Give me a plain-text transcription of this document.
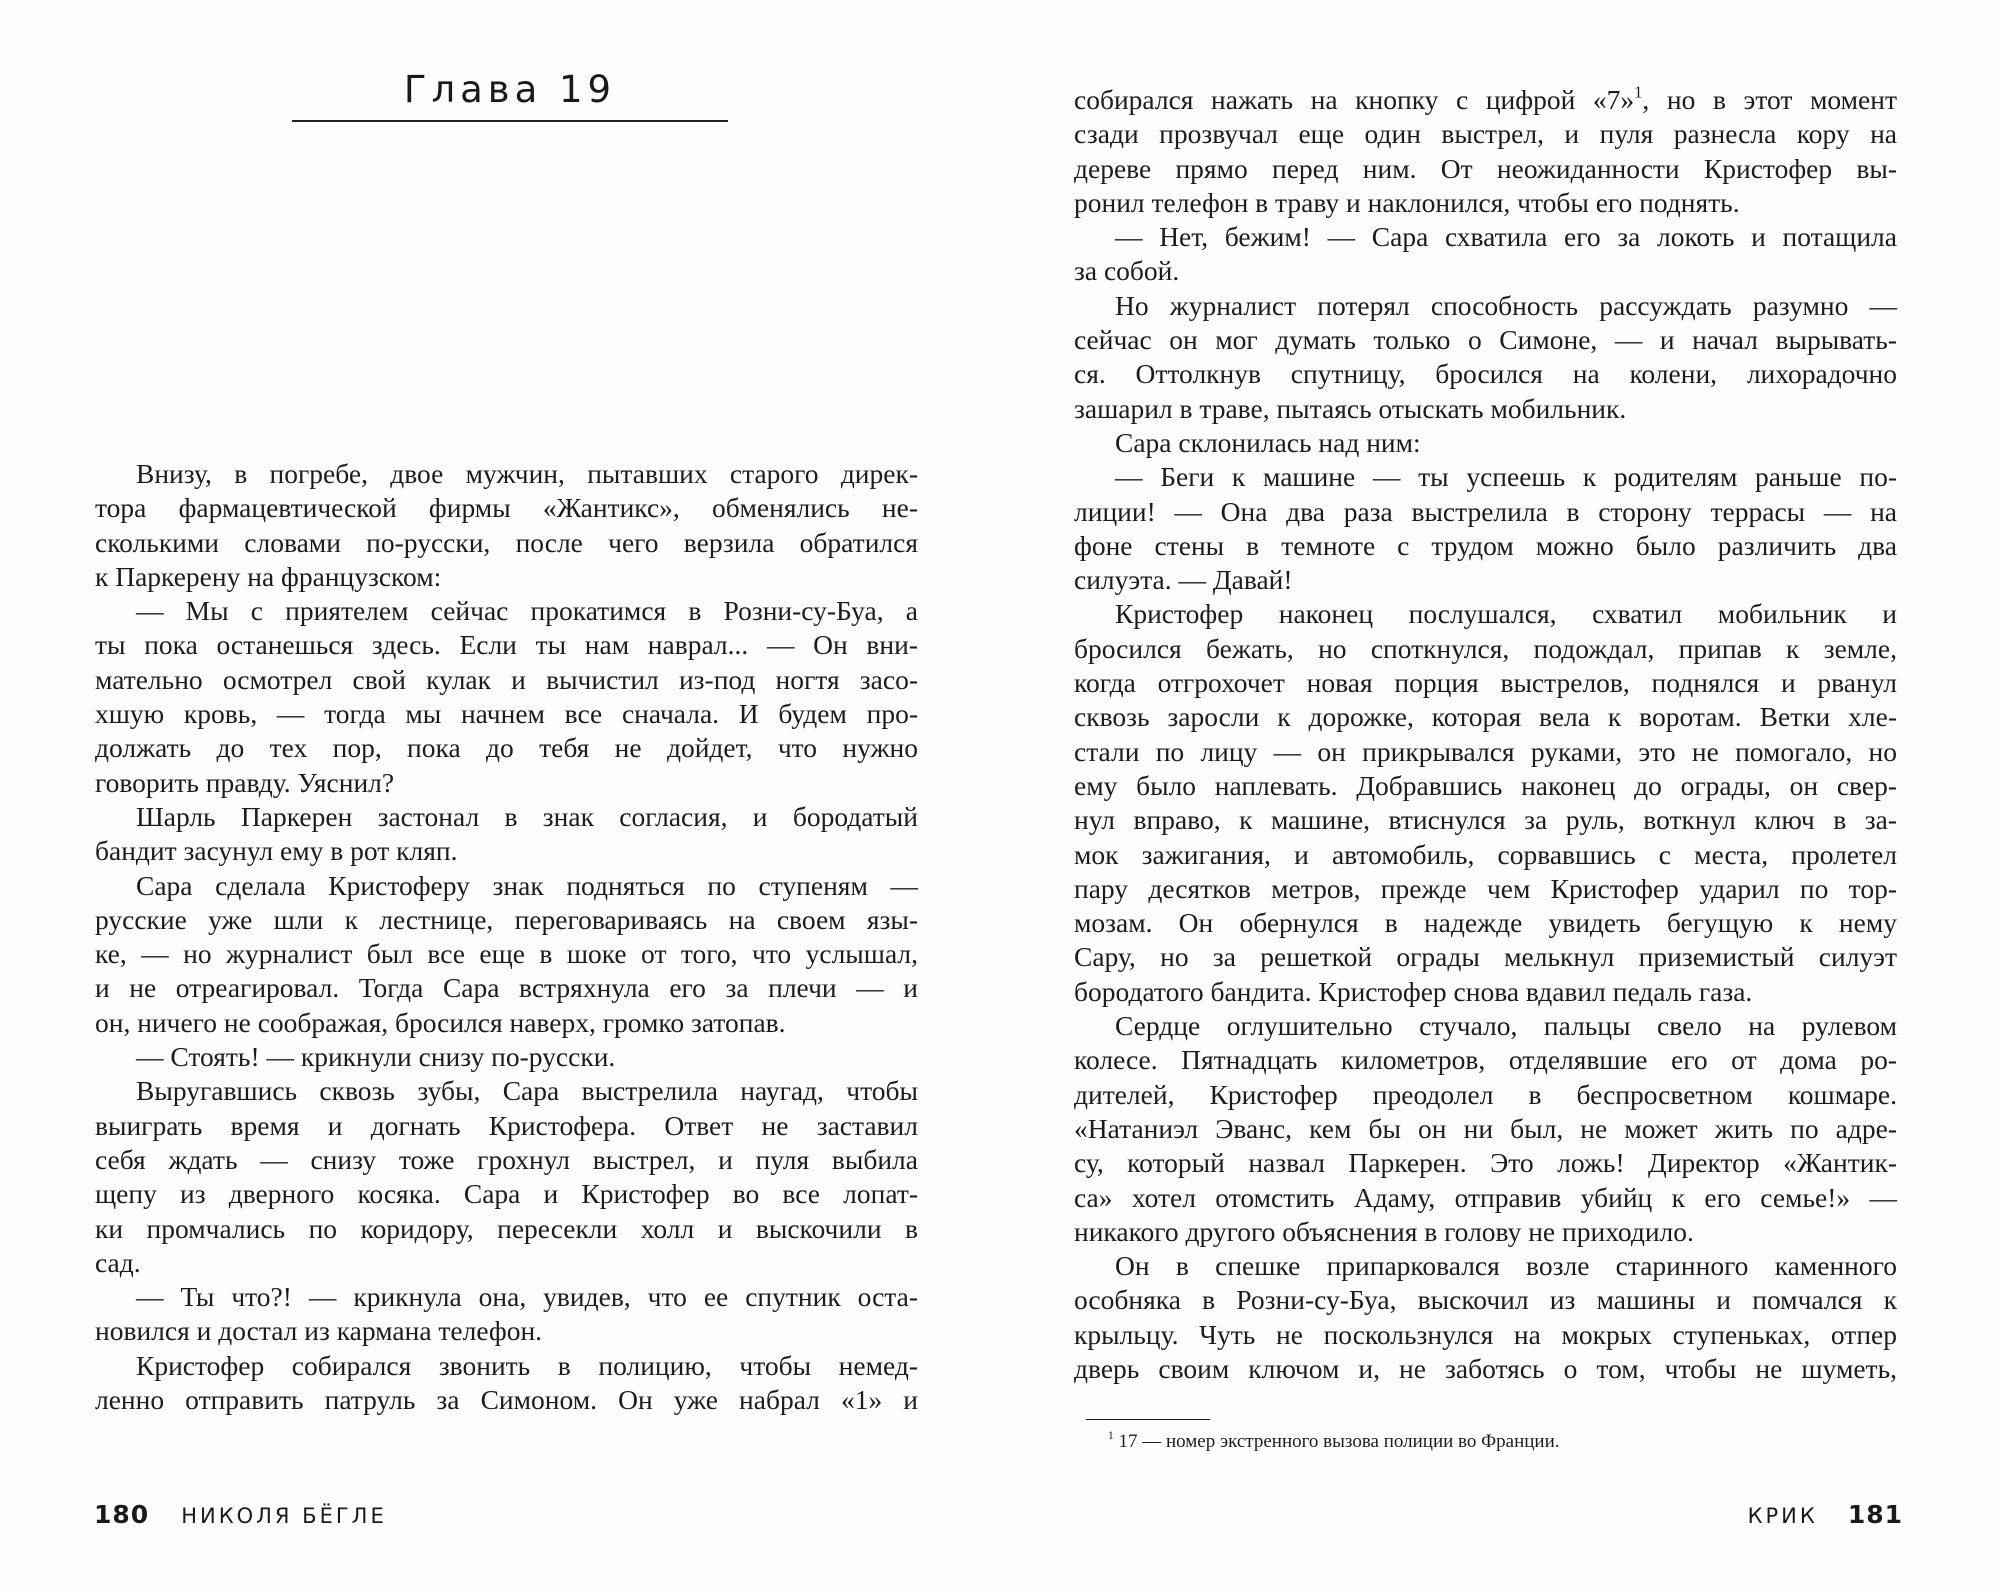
Глава 19
Внизу, в погребе, двое мужчин, пытавших старого дирек-
тора фармацевтической фирмы «Жантикс», обменялись не-
сколькими словами по-русски, после чего верзила обратился
к Паркерену на французском:
— Мы с приятелем сейчас прокатимся в Розни-су-Буа, а
ты пока останешься здесь. Если ты нам наврал... — Он вни-
мательно осмотрел свой кулак и вычистил из-под ногтя засо-
хшую кровь, — тогда мы начнем все сначала. И будем про-
должать до тех пор, пока до тебя не дойдет, что нужно
говорить правду. Уяснил?
Шарль Паркерен застонал в знак согласия, и бородатый
бандит засунул ему в рот кляп.
Сара сделала Кристоферу знак подняться по ступеням —
русские уже шли к лестнице, переговариваясь на своем язы-
ке, — но журналист был все еще в шоке от того, что услышал,
и не отреагировал. Тогда Сара встряхнула его за плечи — и
он, ничего не соображая, бросился наверх, громко затопав.
— Стоять! — крикнули снизу по-русски.
Выругавшись сквозь зубы, Сара выстрелила наугад, чтобы
выиграть время и догнать Кристофера. Ответ не заставил
себя ждать — снизу тоже грохнул выстрел, и пуля выбила
щепу из дверного косяка. Сара и Кристофер во все лопат-
ки промчались по коридору, пересекли холл и выскочили в
сад.
— Ты что?! — крикнула она, увидев, что ее спутник оста-
новился и достал из кармана телефон.
Кристофер собирался звонить в полицию, чтобы немед-
ленно отправить патруль за Симоном. Он уже набрал «1» и
180 НИКОЛЯ БЁГЛЕ
собирался нажать на кнопку с цифрой «7»$^1$, но в этот момент
сзади прозвучал еще один выстрел, и пуля разнесла кору на
дереве прямо перед ним. От неожиданности Кристофер вы-
ронил телефон в траву и наклонился, чтобы его поднять.
— Нет, бежим! — Сара схватила его за локоть и потащила
за собой.
Но журналист потерял способность рассуждать разумно —
сейчас он мог думать только о Симоне, — и начал вырывать-
ся. Оттолкнув спутницу, бросился на колени, лихорадочно
зашарил в траве, пытаясь отыскать мобильник.
Сара склонилась над ним:
— Беги к машине — ты успеешь к родителям раньше по-
лиции! — Она два раза выстрелила в сторону террасы — на
фоне стены в темноте с трудом можно было различить два
силуэта. — Давай!
Кристофер наконец послушался, схватил мобильник и
бросился бежать, но споткнулся, подождал, припав к земле,
когда отгрохочет новая порция выстрелов, поднялся и рванул
сквозь заросли к дорожке, которая вела к воротам. Ветки хле-
стали по лицу — он прикрывался руками, это не помогало, но
ему было наплевать. Добравшись наконец до ограды, он свер-
нул вправо, к машине, втиснулся за руль, воткнул ключ в за-
мок зажигания, и автомобиль, сорвавшись с места, пролетел
пару десятков метров, прежде чем Кристофер ударил по тор-
мозам. Он обернулся в надежде увидеть бегущую к нему
Сару, но за решеткой ограды мелькнул приземистый силуэт
бородатого бандита. Кристофер снова вдавил педаль газа.
Сердце оглушительно стучало, пальцы свело на рулевом
колесе. Пятнадцать километров, отделявшие его от дома ро-
дителей, Кристофер преодолел в беспросветном кошмаре.
«Натаниэл Эванс, кем бы он ни был, не может жить по адре-
су, который назвал Паркерен. Это ложь! Директор «Жантик-
са» хотел отомстить Адаму, отправив убийц к его семье!» —
никакого другого объяснения в голову не приходило.
Он в спешке припарковался возле старинного каменного
особняка в Розни-су-Буа, выскочил из машины и помчался к
крыльцу. Чуть не поскользнулся на мокрых ступеньках, отпер
дверь своим ключом и, не заботясь о том, чтобы не шуметь,
$^1$ 17 — номер экстренного вызова полиции во Франции.
КРИК 181
